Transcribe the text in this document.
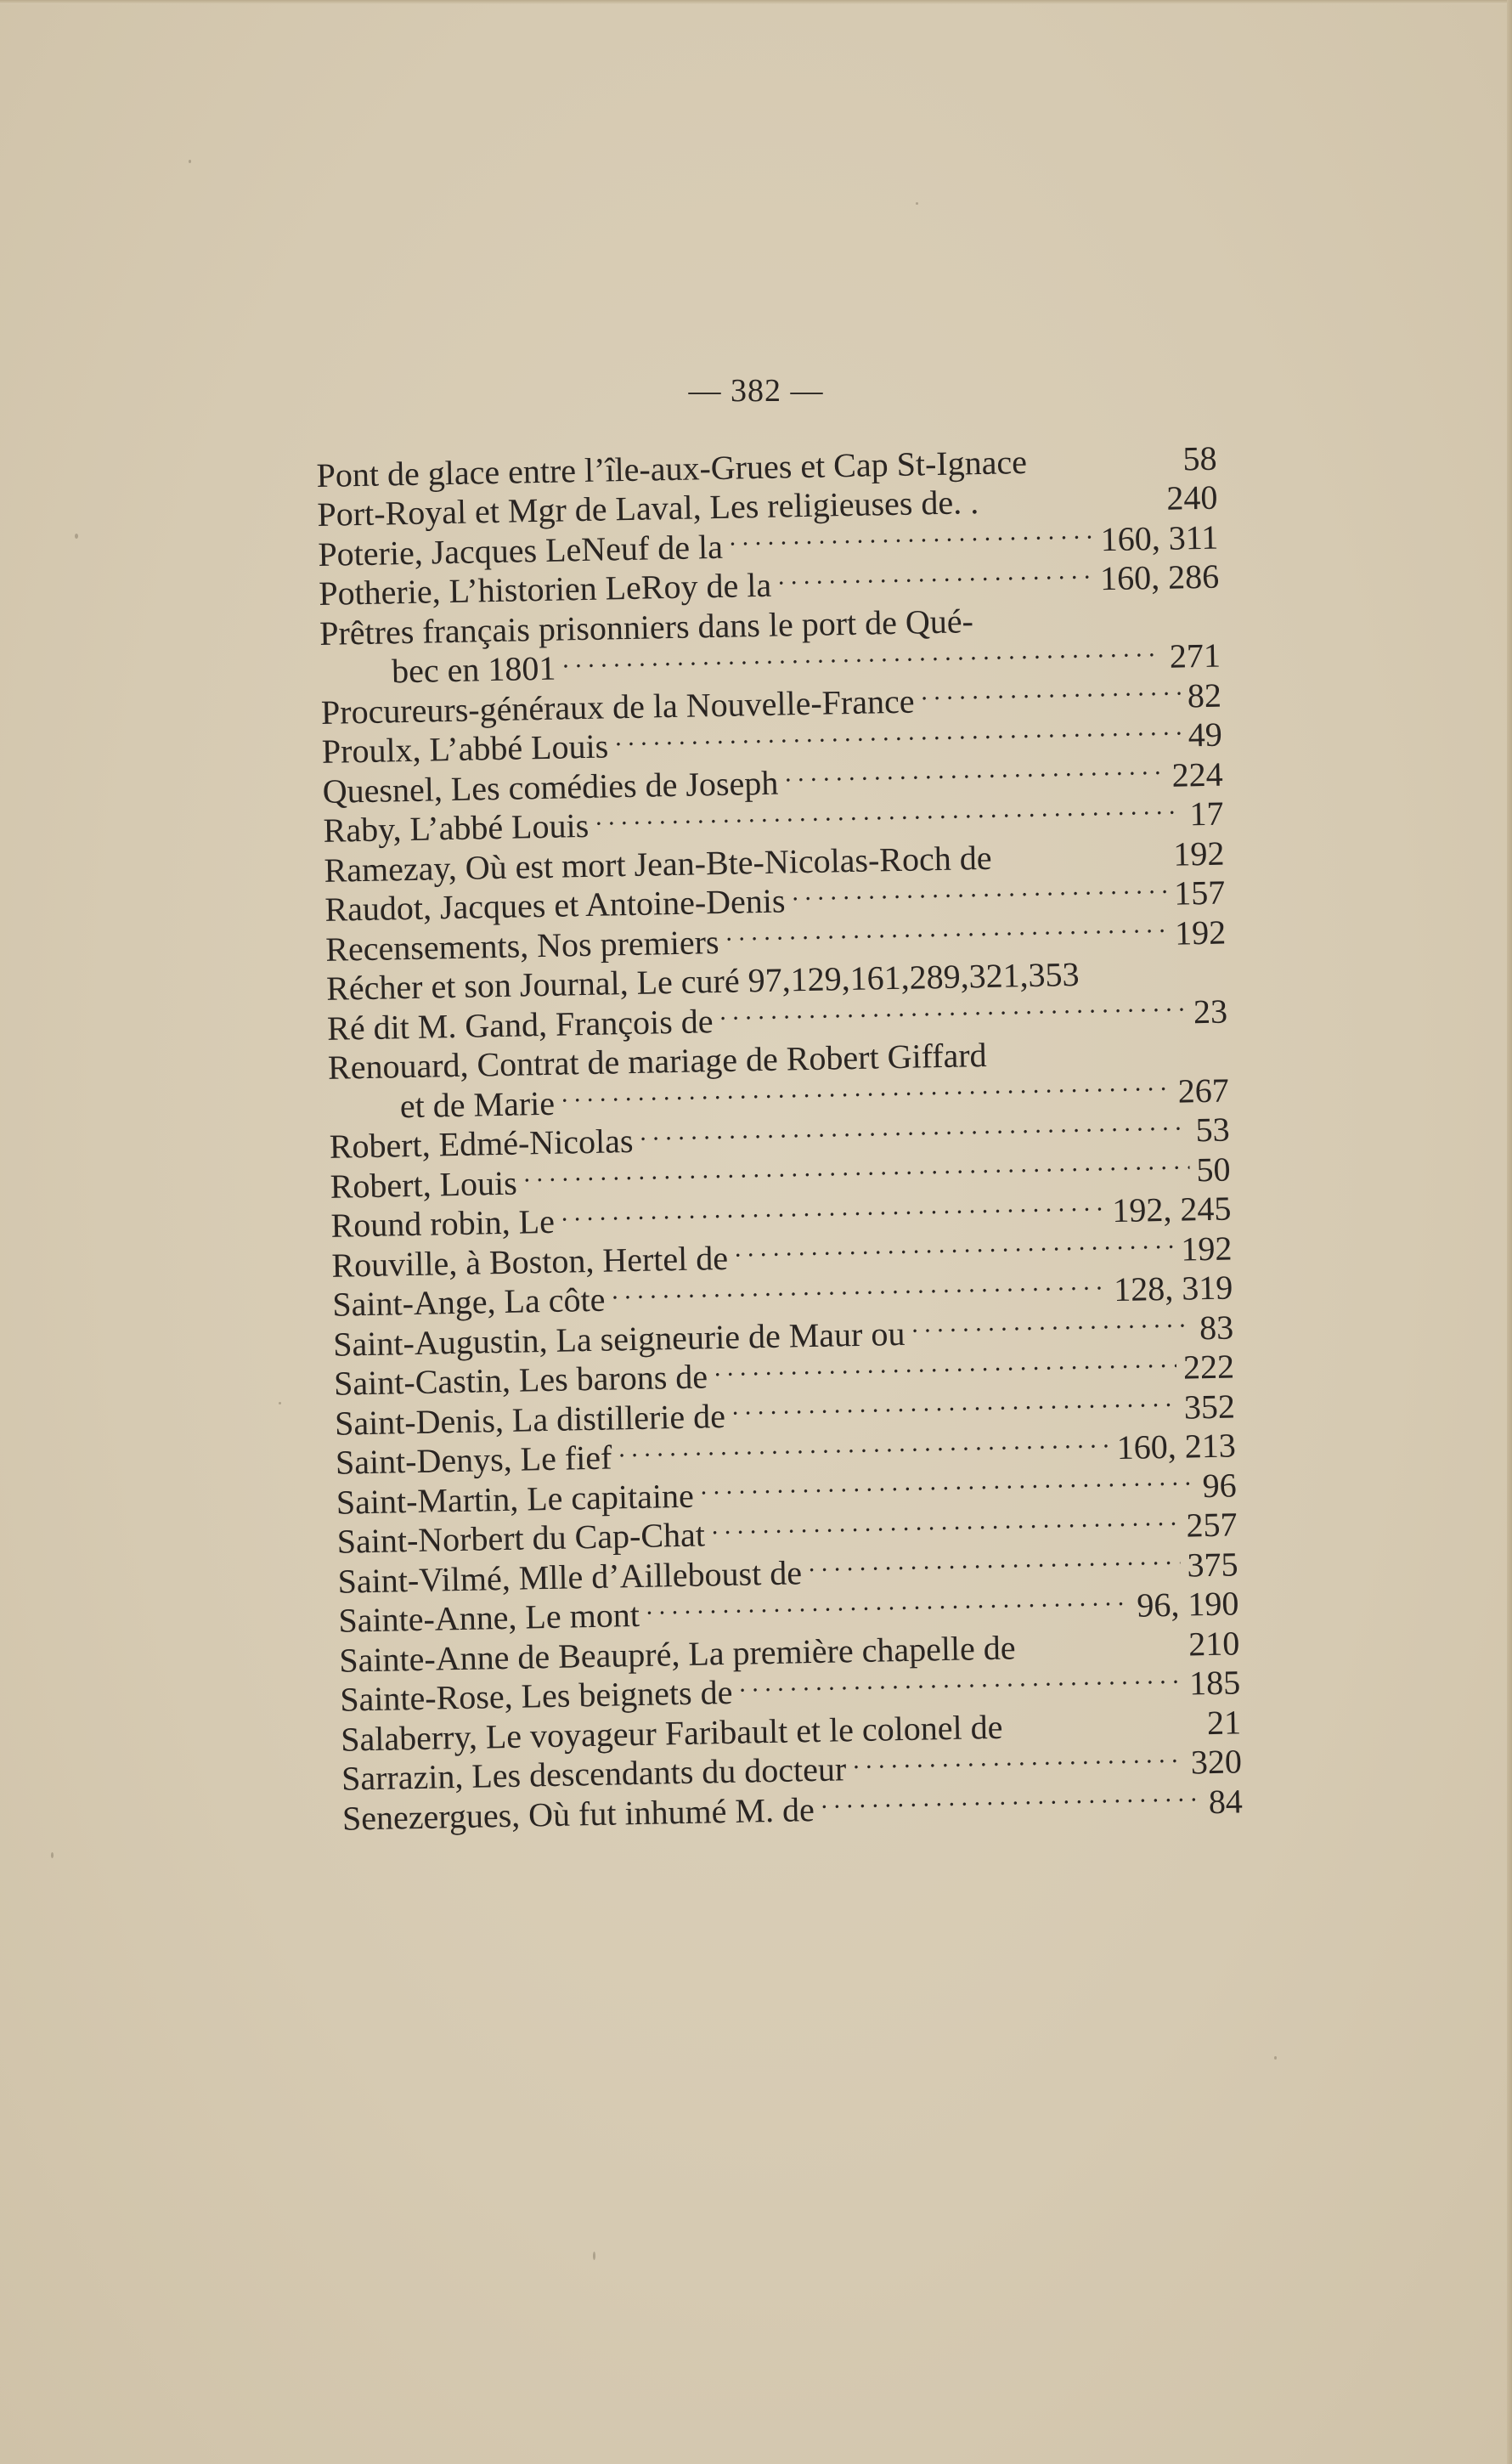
— 382 —
Pont de glace entre l’île-aux-Grues et Cap St-Ignace	58
Port-Royal et Mgr de Laval, Les religieuses de. .	240
Poterie, Jacques LeNeuf de la . . .	160, 311
Potherie, L’historien LeRoy de la . . .	160, 286
Prêtres français prisonniers dans le port de Qué-
bec en 1801 . . .	271
Procureurs-généraux de la Nouvelle-France . . .	82
Proulx, L’abbé Louis . . .	49
Quesnel, Les comédies de Joseph . . .	224
Raby, L’abbé Louis . . .	17
Ramezay, Où est mort Jean-Bte-Nicolas-Roch de	192
Raudot, Jacques et Antoine-Denis . . .	157
Recensements, Nos premiers . . .	192
Récher et son Journal, Le curé 97,129,161,289,321,353
Ré dit M. Gand, François de . . .	23
Renouard, Contrat de mariage de Robert Giffard
et de Marie . . .	267
Robert, Edmé-Nicolas . . .	53
Robert, Louis . . .	50
Round robin, Le . . .	192, 245
Rouville, à Boston, Hertel de . . .	192
Saint-Ange, La côte . . .	128, 319
Saint-Augustin, La seigneurie de Maur ou . . .	83
Saint-Castin, Les barons de . . .	222
Saint-Denis, La distillerie de . . .	352
Saint-Denys, Le fief . . .	160, 213
Saint-Martin, Le capitaine . . .	96
Saint-Norbert du Cap-Chat . . .	257
Saint-Vilmé, Mlle d’Ailleboust de . . .	375
Sainte-Anne, Le mont . . .	96, 190
Sainte-Anne de Beaupré, La première chapelle de	210
Sainte-Rose, Les beignets de . . .	185
Salaberry, Le voyageur Faribault et le colonel de	21
Sarrazin, Les descendants du docteur . . .	320
Senezergues, Où fut inhumé M. de . . .	84
